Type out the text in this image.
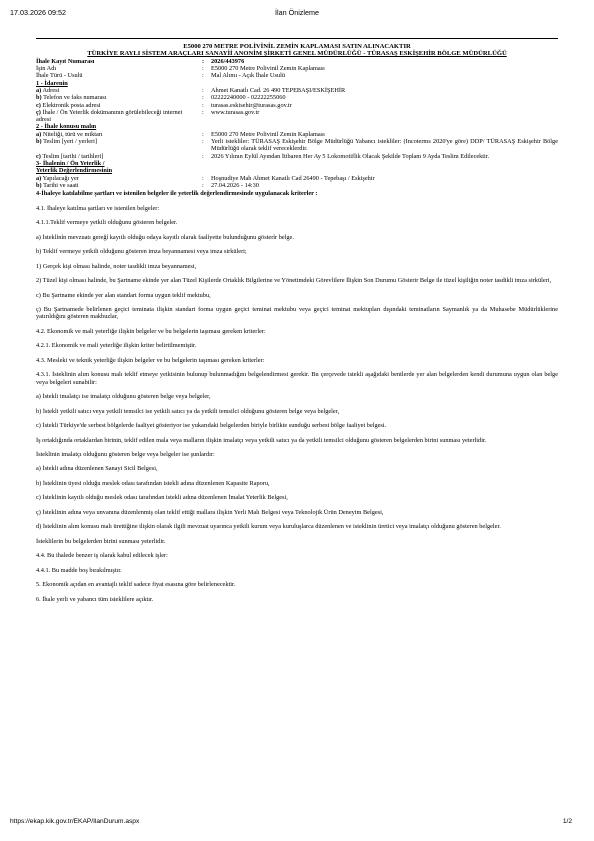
17.03.2026 09:52	İlan Önizleme
E5000 270 METRE POLİVİNİL ZEMİN KAPLAMASI SATIN ALINACAKTIR
TÜRKİYE RAYLI SİSTEM ARAÇLARI SANAYİİ ANONİM ŞİRKETİ GENEL MÜDÜRLÜĞÜ - TÜRASAŞ ESKİŞEHİR BÖLGE MÜDÜRLÜĞÜ
İhale Kayıt Numarası	:	2026/443976
İşin Adı	:	E5000 270 Metre Polivinil Zemin Kaplaması
İhale Türü - Usulü	:	Mal Alımı - Açık İhale Usulü
1 - İdarenin
a) Adresi	:	Ahmet Kanatlı Cad. 26 490 TEPEBAŞI/ESKİŞEHİR
b) Telefon ve faks numarası	:	02222240000 - 02222255060
c) Elektronik posta adresi	:	turasas.eskisehir@turasas.gov.tr
ç) İhale / Ön Yeterlik dokümanının görülebileceği internet adresi	:	www.turasas.gov.tr
2 - İhale konusu malın
a) Niteliği, türü ve miktarı	:	E5000 270 Metre Polivinil Zemin Kaplaması
b) Teslim [yeri / yerleri]	:	Yerli istekliler: TÜRASAŞ Eskişehir Bölge Müdürlüğü Yabancı istekliler: (Incoterms 2020'ye göre) DDP/ TÜRASAŞ Eskişehir Bölge Müdürlüğü olarak teklif vereceklerdir.
c) Teslim [tarihi / tarihleri]	:	2026 Yılının Eylül Ayından İtibaren Her Ay 5 Lokomotiflik Olacak Şekilde Toplam 9 Ayda Teslim Edilecektir.
3- İhalenin / Ön Yeterlik /
Yeterlik Değerlendirmesinin
a) Yapılacağı yer	:	Hoşnudiye Mah Ahmet Kanatlı Cad 26490 - Tepebaşı / Eskişehir
b) Tarihi ve saati	:	27.04.2026 - 14:30
4-İhaleye katılabilme şartları ve istenilen belgeler ile yeterlik değerlendirmesinde uygulanacak kriterler :
4.1. İhaleye katılma şartları ve istenilen belgeler:
4.1.1.Teklif vermeye yetkili olduğunu gösteren belgeler.
a) İstekli̇ni̇n mevzuatı gereği̇ kayıtlı olduğu odaya kayıtlı olarak faali̇yette bulunduğunu gösteri̇r belge.
b) Teklif vermeye yetkili olduğunu gösteren imza beyannamesi veya imza sirküleri;
1) Gerçek kişi olması halinde, noter tasdikli imza beyannamesi,
2) Tüzel kişi olması halinde, bu Şartname ekinde yer alan Tüzel Kişilerde Ortaklık Bilgilerine ve Yönetimdeki Görevlilere İlişkin Son Durumu Gösterir Belge ile tüzel kişiliğin noter tasdikli imza sirküleri,
c) Bu Şartname ekinde yer alan standart forma uygun teklif mektubu,
ç) Bu Şartnamede belirlenen geçici teminata ilişkin standart forma uygun geçici teminat mektubu veya geçici teminat mektupları dışındaki teminatların Saymanlık ya da Muhasebe Müdürlüklerine yatırıldığını gösteren makbuzlar,
4.2. Ekonomik ve mali yeterliğe ilişkin belgeler ve bu belgelerin taşıması gereken kriterler:
4.2.1. Ekonomik ve mali yeterliğe ilişkin kriter belirtilmemiştir.
4.3. Mesleki ve teknik yeterliğe ilişkin belgeler ve bu belgelerin taşıması gereken kriterler:
4.3.1. İsteklinin alım konusu malı teklif etmeye yetkisinin bulunup bulunmadığını belgelendirmesi gerekir. Bu çerçevede istekli aşağıdaki bentlerde yer alan belgelerden kendi durumuna uygun olan belge veya belgeleri sunabilir:
a) İstekli imalatçı ise imalatçı olduğunu gösteren belge veya belgeler,
b) İstekli yetkili satıcı veya yetkili temsilci ise yetkili satıcı ya da yetkili temsilci olduğunu gösteren belge veya belgeler,
c) İstekli Türkiye'de serbest bölgelerde faaliyet gösteriyor ise yukarıdaki belgelerden biriyle birlikte sunduğu serbest bölge faaliyet belgesi.
İş ortaklığında ortaklardan birinin, teklif edilen mala veya malların ilişkin imalatçı veya yetkili satıcı ya da yetkili temsilci olduğunu gösteren belgelerden birini sunması yeterlidir.
İsteklinin imalatçı olduğunu gösteren belge veya belgeler ise şunlardır:
a) İstekli adına düzenlenen Sanayi Sicil Belgesi,
b) İsteklinin üyesi olduğu meslek odası tarafından istekli adına düzenlenen Kapasite Raporu,
c) İsteklinin kayıtlı olduğu meslek odası tarafından istekli adına düzenlenen İmalat Yeterlik Belgesi,
ç) İsteklinin adına veya unvanına düzenlenmiş olan teklif ettiği mallara ilişkin Yerli Malı Belgesi veya Teknolojik Ürün Deneyim Belgesi,
d) İsteklinin alım konusu malı ürettiğine ilişkin olarak ilgili mevzuat uyarınca yetkili kurum veya kuruluşlarca düzenlenen ve isteklinin üretici veya imalatçı olduğunu gösteren belgeler.
İsteklilerin bu belgelerden birini sunması yeterlidir.
4.4. Bu ihalede benzer iş olarak kabul edilecek işler:
4.4.1. Bu madde boş bırakılmıştır.
5. Ekonomik açıdan en avantajlı teklif sadece fiyat esasına göre belirlenecektir.
6. İhale yerli ve yabancı tüm isteklilere açıktır.
https://ekap.kik.gov.tr/EKAP/IlanDurum.aspx	1/2
